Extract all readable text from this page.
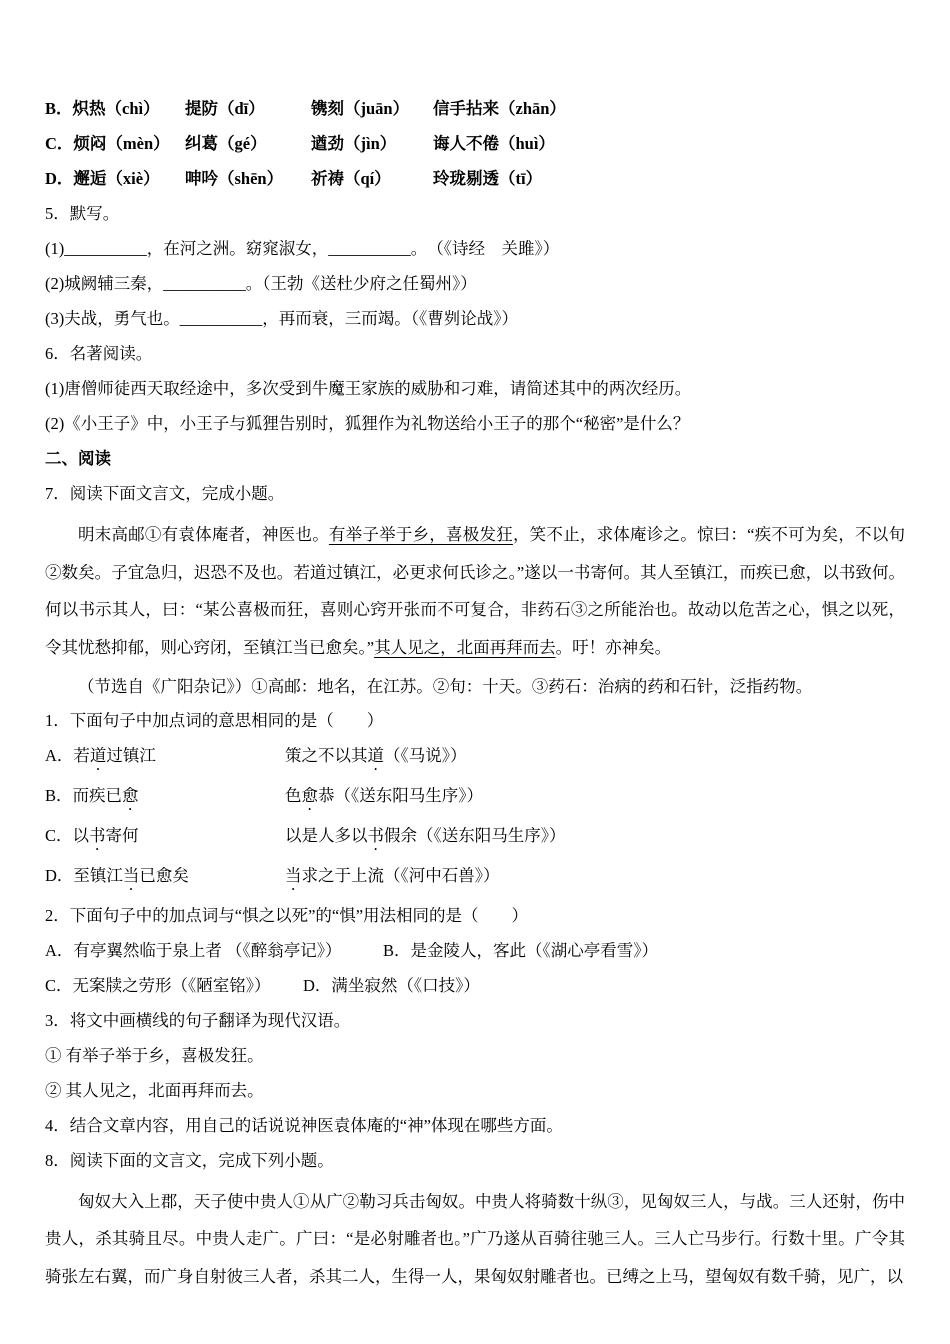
B．炽热（chì）	提防（dī）	镌刻（juān）	信手拈来（zhān）
C．烦闷（mèn） 纠葛（gé）	遒劲（jìn）	诲人不倦（huì）
D．邂逅（xiè）	呻吟（shēn）	祈祷（qí）	玲珑剔透（tī）
5．默写。
(1)__________，在河之洲。窈窕淑女，__________。　（《诗经　关雎》）
(2)城阙辅三秦，__________。（王勃《送杜少府之任蜀州》）
(3)夫战，勇气也。__________，再而衰，三而竭。（《曹刿论战》）
6．名著阅读。
(1)唐僧师徒西天取经途中，多次受到牛魔王家族的威胁和刁难，请简述其中的两次经历。
(2)《小王子》中，小王子与狐狸告别时，狐狸作为礼物送给小王子的那个“秘密”是什么？
二、阅读
7．阅读下面文言文，完成小题。
明末高邮①有袁体庵者，神医也。有举子举于乡，喜极发狂，笑不止，求体庵诊之。惊曰：“疾不可为矣，不以旬②数矣。子宜急归，迟恐不及也。若道过镇江，必更求何氏诊之。”遂以一书寄何。其人至镇江，而疾已愈，以书致何。何以书示其人，曰：“某公喜极而狂，喜则心窍开张而不可复合，非药石③之所能治也。故动以危苦之心，惧之以死，令其忧愁抑郁，则心窍闭，至镇江当已愈矣。”其人见之，北面再拜而去。吁！亦神矣。
（节选自《广阳杂记》）①高邮：地名，在江苏。②旬：十天。③药石：治病的药和石针，泛指药物。
1．下面句子中加点词的意思相同的是（　　）
A．若道过镇江	策之不以其道（《马说》）
B．而疾已愈	色愈恭（《送东阳马生序》）
C．以书寄何	以是人多以书假余（《送东阳马生序》）
D．至镇江当已愈矣	当求之于上流（《河中石兽》）
2．下面句子中的加点词与“惧之以死”的“惧”用法相同的是（　　）
A．有亭翼然临于泉上者 （《醉翁亭记》）	B．是金陵人，客此（《湖心亭看雪》）
C．无案牍之劳形（《陋室铭》）	D．满坐寂然（《口技》）
3．将文中画横线的句子翻译为现代汉语。
① 有举子举于乡，喜极发狂。
② 其人见之，北面再拜而去。
4．结合文章内容，用自己的话说说神医袁体庵的“神”体现在哪些方面。
8．阅读下面的文言文，完成下列小题。
匈奴大入上郡，天子使中贵人①从广②勒习兵击匈奴。中贵人将骑数十纵③，见匈奴三人，与战。三人还射，伤中贵人，杀其骑且尽。中贵人走广。广曰：“是必射雕者也。”广乃遂从百骑往驰三人。三人亡马步行。行数十里。广令其骑张左右翼，而广身自射彼三人者，杀其二人，生得一人，果匈奴射雕者也。已缚之上马，望匈奴有数千骑，见广，以
